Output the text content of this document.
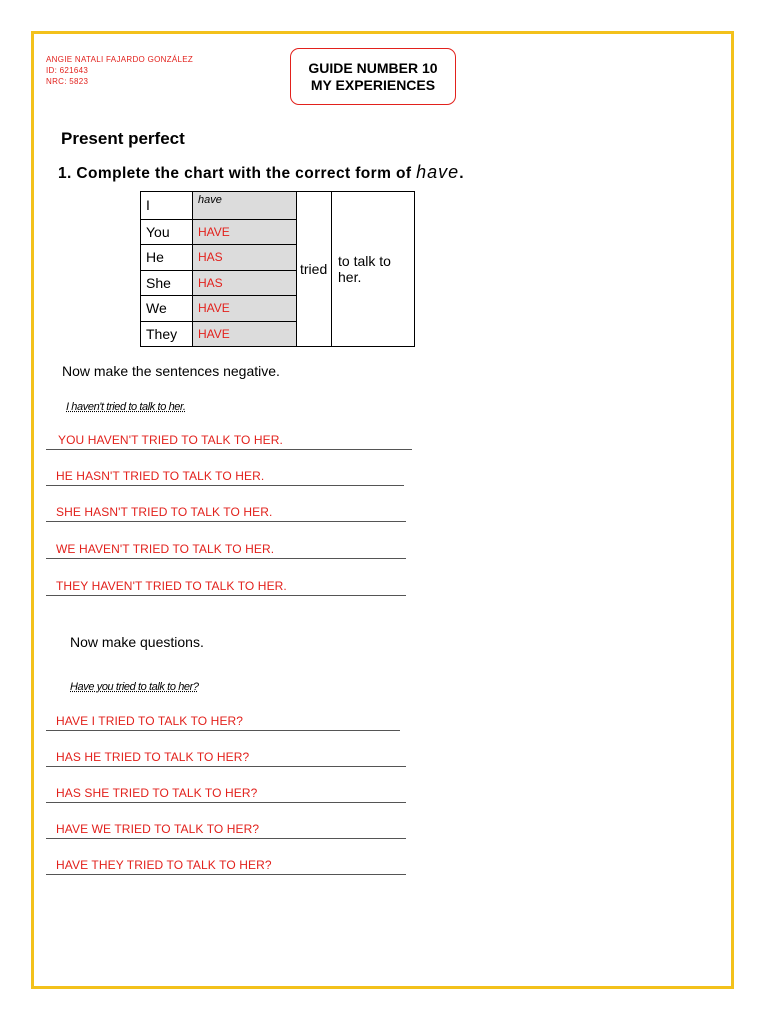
ANGIE NATALI FAJARDO GONZÁLEZ
ID: 621643
NRC: 5823
GUIDE NUMBER 10
MY EXPERIENCES
Present perfect
1. Complete the chart with the correct form of have.
I	have	tried	to talk to her.
You	HAVE		
He	HAS		
She	HAS		
We	HAVE		
They	HAVE		
Now make the sentences negative.
I haven't tried to talk to her.
YOU HAVEN'T TRIED TO TALK TO HER.
HE HASN'T TRIED TO TALK TO HER.
SHE HASN'T TRIED TO TALK TO HER.
WE HAVEN'T TRIED TO TALK TO HER.
THEY HAVEN'T TRIED TO TALK TO HER.
Now make questions.
Have you tried to talk to her?
HAVE I TRIED TO TALK TO HER?
HAS HE TRIED TO TALK TO HER?
HAS SHE TRIED TO TALK TO HER?
HAVE WE TRIED TO TALK TO HER?
HAVE THEY TRIED TO TALK TO HER?
